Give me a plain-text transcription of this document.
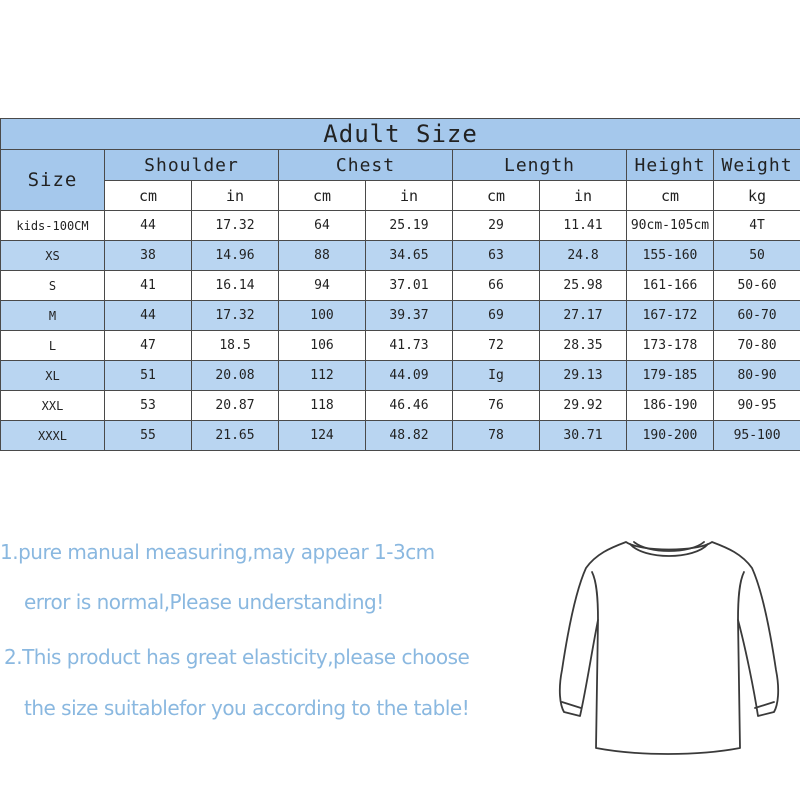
Adult Size								
Size	Shoulder		Chest		Length		Height	Weight
	cm	in	cm	in	cm	in	cm	kg
kids-100CM	44	17.32	64	25.19	29	11.41	90cm-105cm	4T
XS	38	14.96	88	34.65	63	24.8	155-160	50
S	41	16.14	94	37.01	66	25.98	161-166	50-60
M	44	17.32	100	39.37	69	27.17	167-172	60-70
L	47	18.5	106	41.73	72	28.35	173-178	70-80
XL	51	20.08	112	44.09	Ig	29.13	179-185	80-90
XXL	53	20.87	118	46.46	76	29.92	186-190	90-95
XXXL	55	21.65	124	48.82	78	30.71	190-200	95-100
1.pure manual measuring,may appear 1-3cm
error is normal,Please understanding!
2.This product has great elasticity,please choose
the size suitablefor you according to the table!
